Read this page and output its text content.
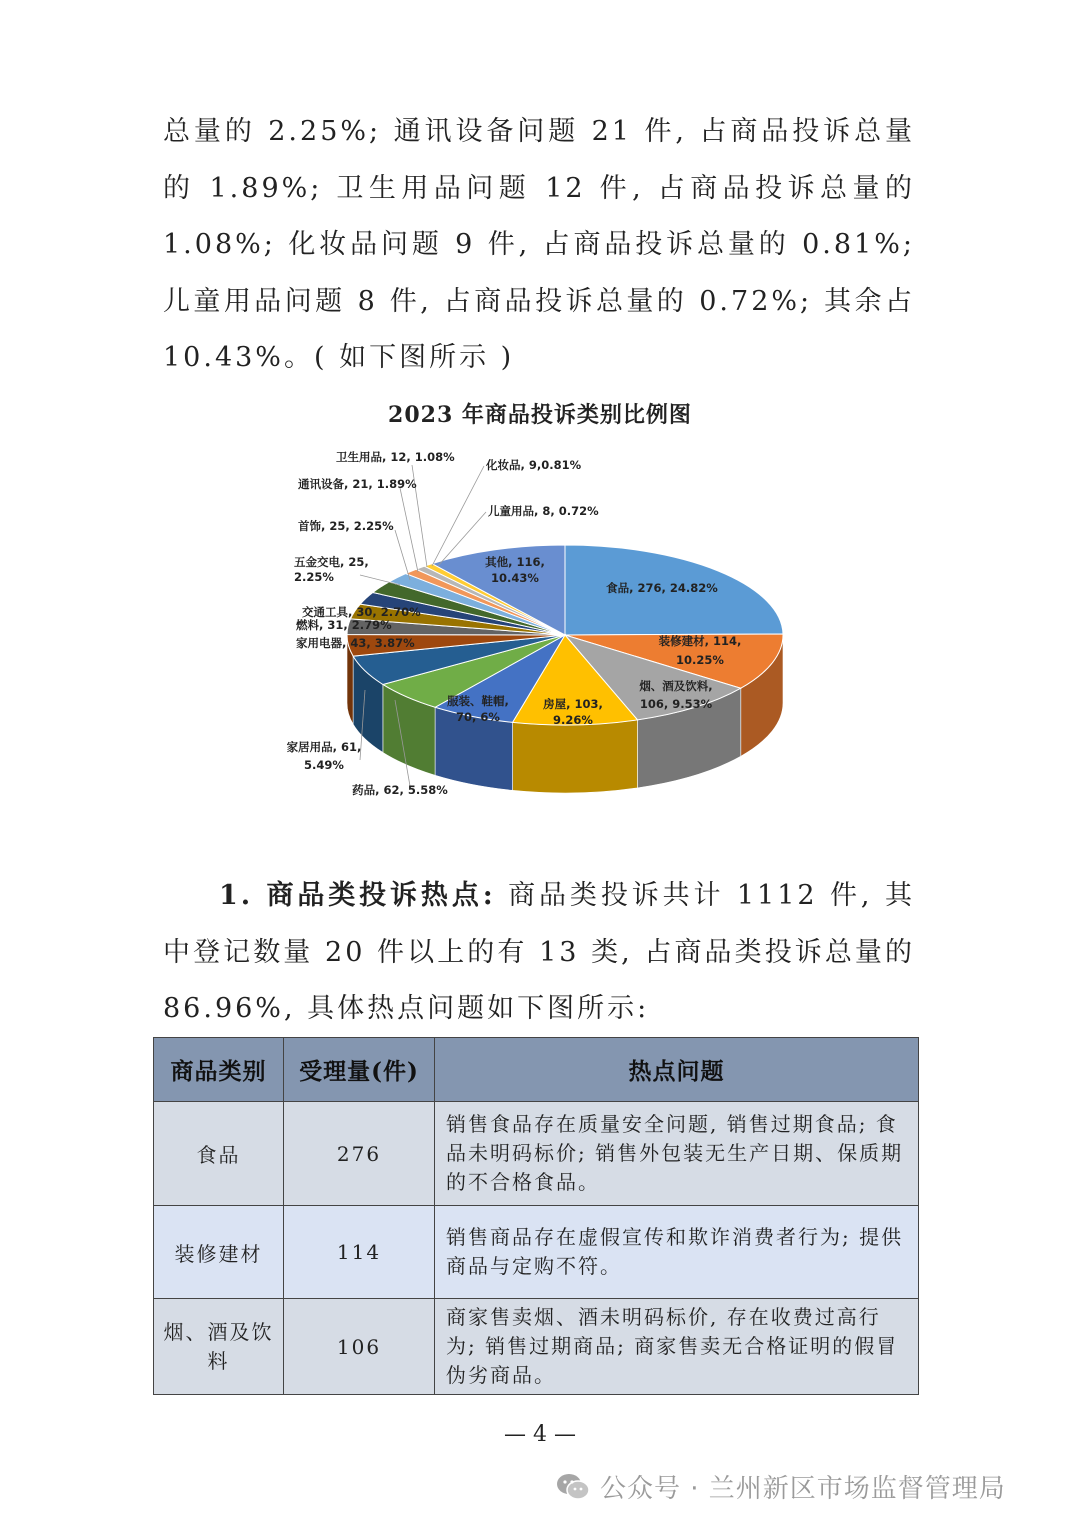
总量的 2.25%; 通讯设备问题 21 件, 占商品投诉总量的 1.89%; 卫生用品问题 12 件, 占商品投诉总量的 1.08%; 化妆品问题 9 件, 占商品投诉总量的 0.81%; 儿童用品问题 8 件, 占商品投诉总量的 0.72%; 其余占 10.43%。( 如下图所示 )
2023 年商品投诉类别比例图
食品, 276, 24.82%
装修建材, 114,
10.25%
烟、酒及饮料,
106, 9.53%
房屋, 103,
9.26%
服装、鞋帽,
70, 6%
药品, 62, 5.58%
家居用品, 61,
5.49%
家用电器, 43, 3.87%
燃料, 31, 2.79%
交通工具, 30, 2.70%
五金交电, 25,
2.25%
首饰, 25, 2.25%
通讯设备, 21, 1.89%
卫生用品, 12, 1.08%
化妆品, 9,0.81%
儿童用品, 8, 0.72%
其他, 116,
10.43%
1. 商品类投诉热点: 商品类投诉共计 1112 件, 其中登记数量 20 件以上的有 13 类, 占商品类投诉总量的 86.96%, 具体热点问题如下图所示:
商品类别	受理量(件)	热点问题
食品	276	销售食品存在质量安全问题, 销售过期食品; 食品未明码标价; 销售外包装无生产日期、保质期的不合格食品。
装修建材	114	销售商品存在虚假宣传和欺诈消费者行为; 提供商品与定购不符。
烟、酒及饮料	106	商家售卖烟、酒未明码标价, 存在收费过高行为; 销售过期商品; 商家售卖无合格证明的假冒伪劣商品。
— 4 —
公众号 · 兰州新区市场监督管理局
